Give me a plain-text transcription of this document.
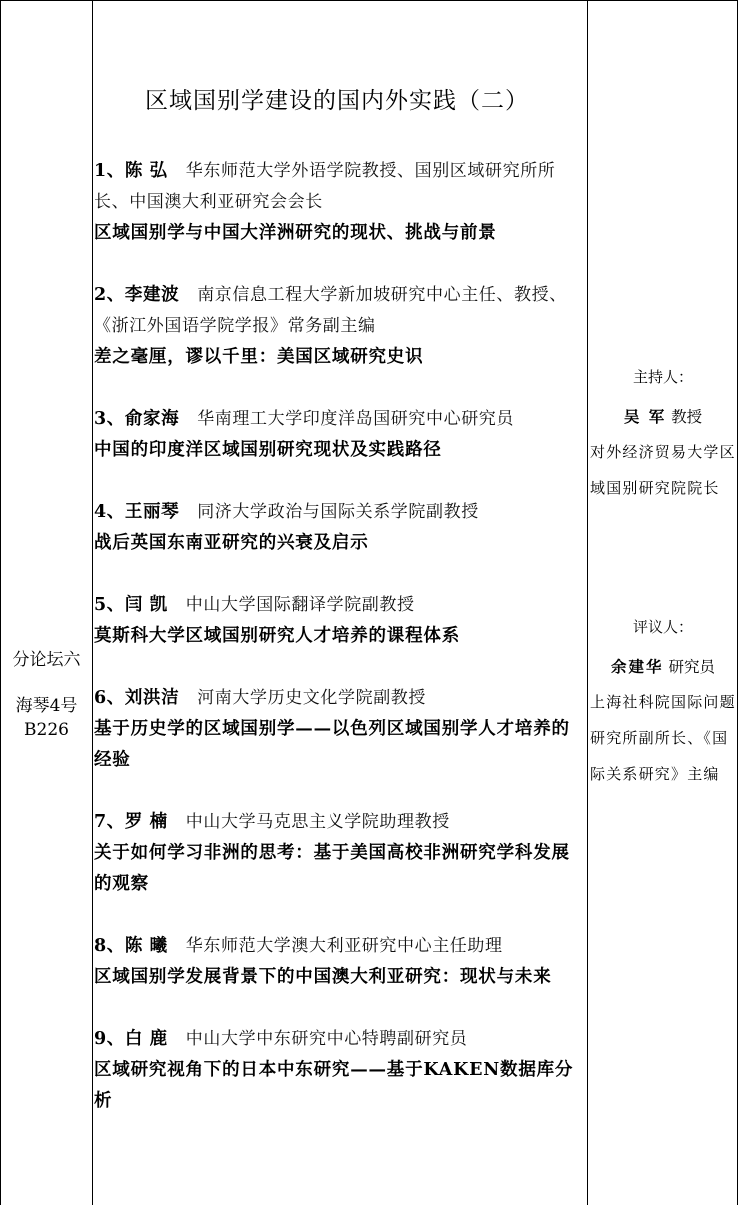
分论坛六
海琴4号
B226
区域国别学建设的国内外实践（二）
1、陈 弘 华东师范大学外语学院教授、国别区域研究所所长、中国澳大利亚研究会会长
区域国别学与中国大洋洲研究的现状、挑战与前景
2、李建波 南京信息工程大学新加坡研究中心主任、教授、《浙江外国语学院学报》常务副主编
差之毫厘，谬以千里：美国区域研究史识
3、俞家海 华南理工大学印度洋岛国研究中心研究员
中国的印度洋区域国别研究现状及实践路径
4、王丽琴 同济大学政治与国际关系学院副教授
战后英国东南亚研究的兴衰及启示
5、闫 凯 中山大学国际翻译学院副教授
莫斯科大学区域国别研究人才培养的课程体系
6、刘洪洁 河南大学历史文化学院副教授
基于历史学的区域国别学——以色列区域国别学人才培养的经验
7、罗 楠 中山大学马克思主义学院助理教授
关于如何学习非洲的思考：基于美国高校非洲研究学科发展的观察
8、陈 曦 华东师范大学澳大利亚研究中心主任助理
区域国别学发展背景下的中国澳大利亚研究：现状与未来
9、白 鹿 中山大学中东研究中心特聘副研究员
区域研究视角下的日本中东研究——基于KAKEN数据库分析
主持人：
吴 军 教授
对外经济贸易大学区域国别研究院院长
评议人：
余建华 研究员
上海社科院国际问题研究所副所长、《国际关系研究》主编
